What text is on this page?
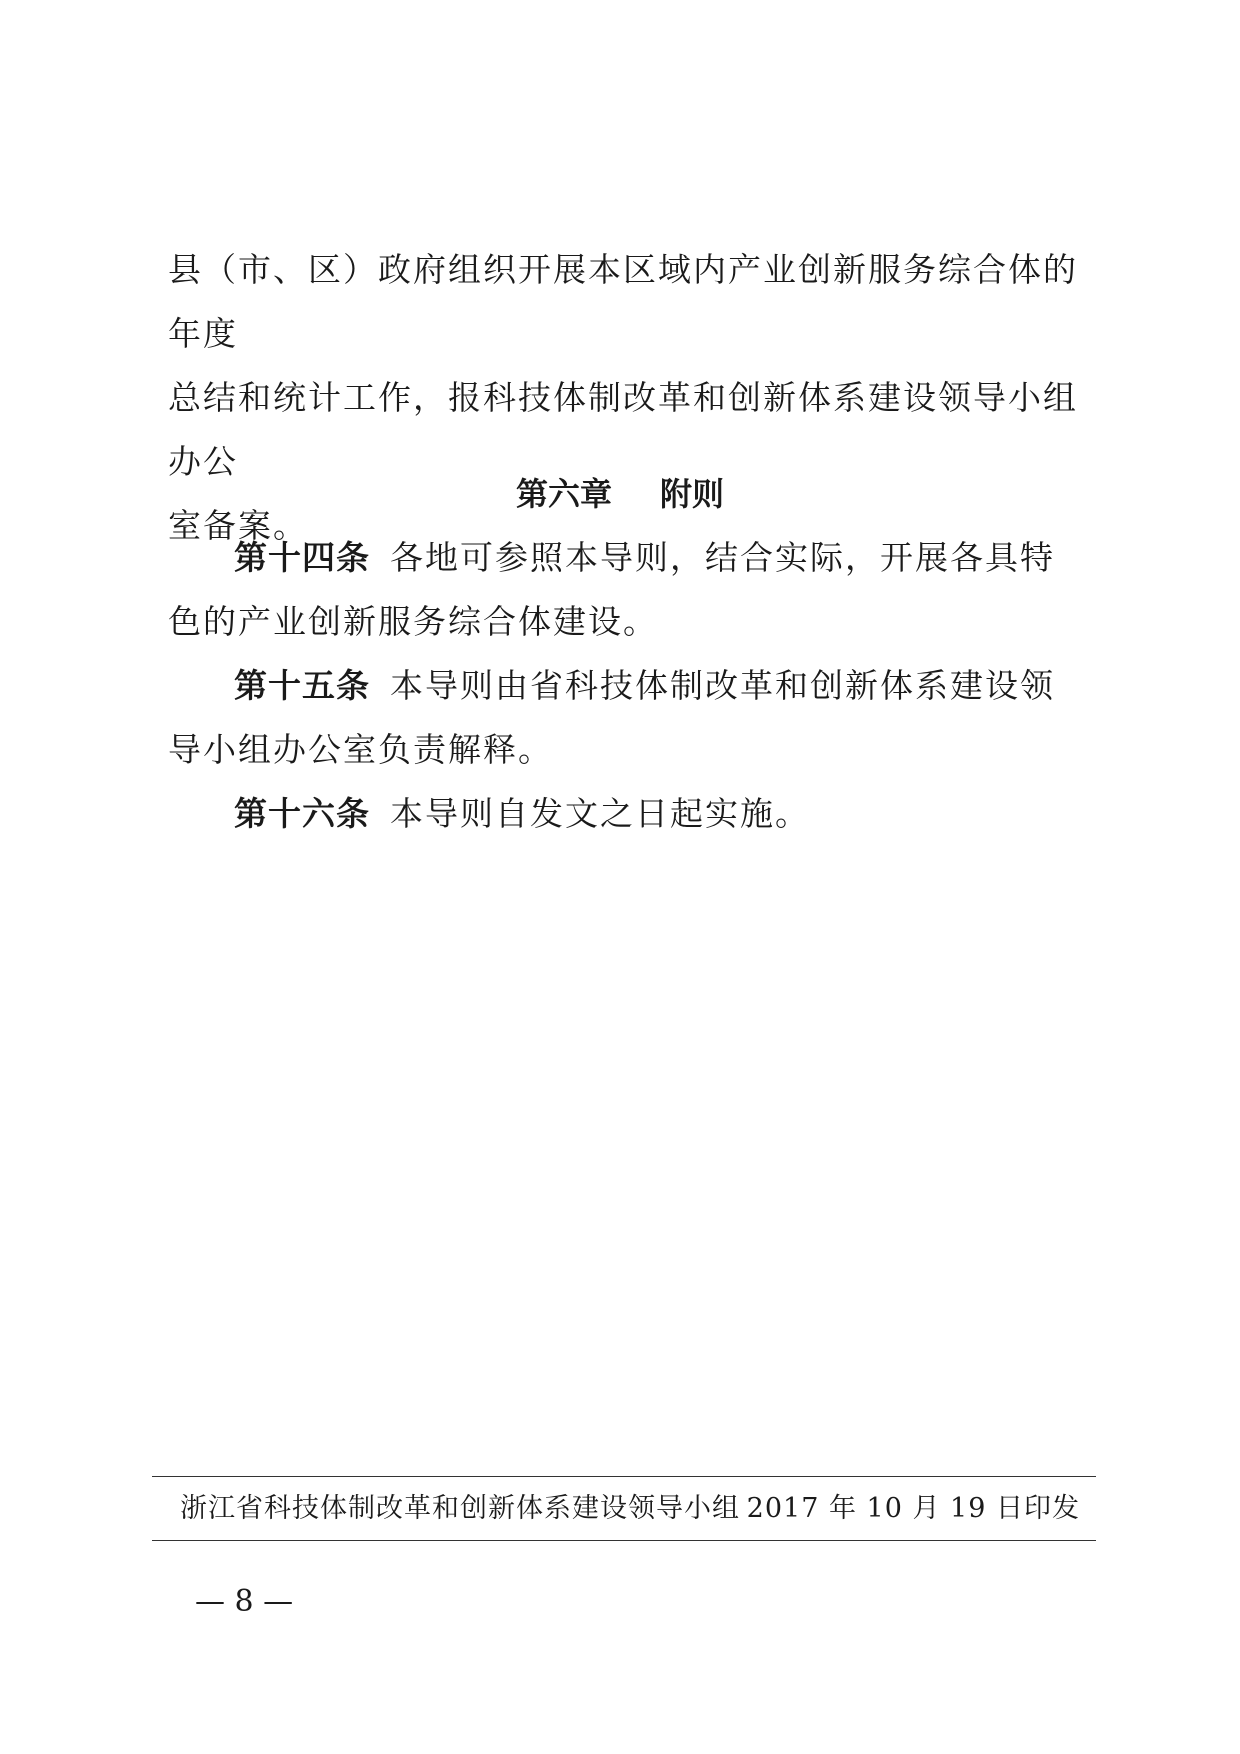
县（市、区）政府组织开展本区域内产业创新服务综合体的年度
总结和统计工作，报科技体制改革和创新体系建设领导小组办公
室备案。
第六章 附则

第十四条 各地可参照本导则，结合实际，开展各具特色的产业创新服务综合体建设。

第十五条 本导则由省科技体制改革和创新体系建设领导小组办公室负责解释。

第十六条 本导则自发文之日起实施。

浙江省科技体制改革和创新体系建设领导小组 2017 年 10 月 19 日印发
— 8 —
